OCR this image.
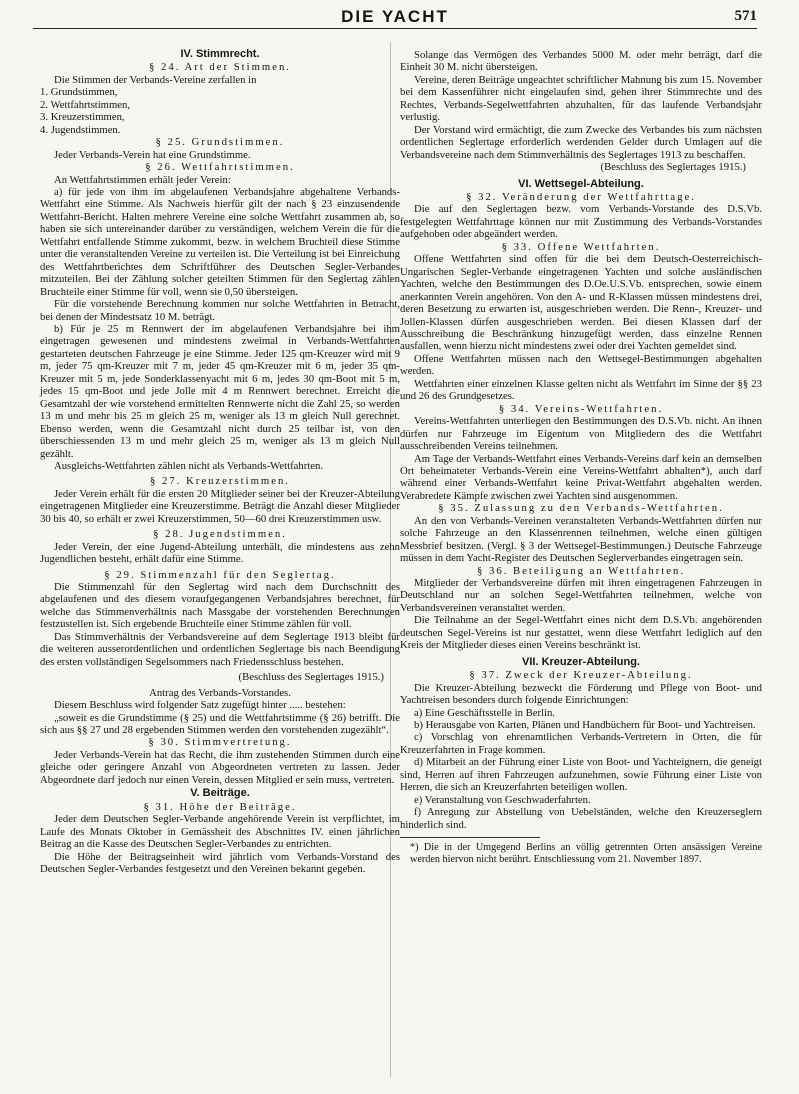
DIE YACHT	571
IV. Stimmrecht.
§ 24. Art der Stimmen.

Die Stimmen der Verbands-Vereine zerfallen in

1. Grundstimmen,

2. Wettfahrtstimmen,

3. Kreuzerstimmen,

4. Jugendstimmen.

§ 25. Grundstimmen.

Jeder Verbands-Verein hat eine Grundstimme.

§ 26. Wettfahrtstimmen.

An Wettfahrtstimmen erhält jeder Verein:

a) für jede von ihm im abgelaufenen Verbandsjahre abgehaltene Verbands-Wettfahrt eine Stimme. Als Nachweis hierfür gilt der nach § 23 einzusendende Wettfahrt-Bericht. Halten mehrere Vereine eine solche Wettfahrt zusammen ab, so haben sie sich untereinander darüber zu verständigen, welchem Verein die für die Wettfahrt entfallende Stimme zukommt, bezw. in welchem Bruchteil diese Stimme unter die veranstaltenden Vereine zu verteilen ist. Die Verteilung ist bei Einreichung des Wettfahrtberichtes dem Schriftführer des Deutschen Segler-Verbandes mitzuteilen. Bei der Zählung solcher geteilten Stimmen für den Seglertag zählen Bruchteile einer Stimme für voll, wenn sie 0,50 übersteigen.

Für die vorstehende Berechnung kommen nur solche Wettfahrten in Betracht, bei denen der Mindestsatz 10 M. beträgt.

b) Für je 25 m Rennwert der im abgelaufenen Verbandsjahre bei ihm eingetragen gewesenen und mindestens zweimal in Verbands-Wettfahrten gestarteten deutschen Fahrzeuge je eine Stimme. Jeder 125 qm-Kreuzer wird mit 9 m, jeder 75 qm-Kreuzer mit 7 m, jeder 45 qm-Kreuzer mit 6 m, jeder 35 qm-Kreuzer mit 5 m, jede Sonderklassenyacht mit 6 m, jedes 30 qm-Boot mit 5 m, jedes 15 qm-Boot und jede Jolle mit 4 m Rennwert berechnet. Erreicht die Gesamtzahl der wie vorstehend ermittelten Rennwerte nicht die Zahl 25, so werden 13 m und mehr bis 25 m gleich 25 m, weniger als 13 m gleich Null gerechnet. Ebenso werden, wenn die Gesamtzahl nicht durch 25 teilbar ist, von den überschiessenden 13 m und mehr gleich 25 m, weniger als 13 m gleich Null gezählt.

Ausgleichs-Wettfahrten zählen nicht als Verbands-Wettfahrten.

§ 27. Kreuzerstimmen.

Jeder Verein erhält für die ersten 20 Mitglieder seiner bei der Kreuzer-Abteilung eingetragenen Mitglieder eine Kreuzerstimme. Beträgt die Anzahl dieser Mitglieder 30 bis 40, so erhält er zwei Kreuzerstimmen, 50—60 drei Kreuzerstimmen usw.

§ 28. Jugendstimmen.

Jeder Verein, der eine Jugend-Abteilung unterhält, die mindestens aus zehn Jugendlichen besteht, erhält dafür eine Stimme.

§ 29. Stimmenzahl für den Seglertag.

Die Stimmenzahl für den Seglertag wird nach dem Durchschnitt des abgelaufenen und des diesem voraufgegangenen Verbandsjahres berechnet, für welche das Stimmenverhältnis nach Massgabe der vorstehenden Berechnungen festzustellen ist. Sich ergebende Bruchteile einer Stimme zählen für voll.

Das Stimmverhältnis der Verbandsvereine auf dem Seglertage 1913 bleibt für die weiteren ausserordentlichen und ordentlichen Seglertage bis nach Beendigung des ersten vollständigen Segelsommers nach Friedensschluss bestehen.

(Beschluss des Seglertages 1915.)

Antrag des Verbands-Vorstandes.

Diesem Beschluss wird folgender Satz zugefügt hinter ..... bestehen:

„soweit es die Grundstimme (§ 25) und die Wettfahrtstimme (§ 26) betrifft. Die sich aus §§ 27 und 28 ergebenden Stimmen werden den vorstehenden zugezählt“.

§ 30. Stimmvertretung.

Jeder Verbands-Verein hat das Recht, die ihm zustehenden Stimmen durch eine gleiche oder geringere Anzahl von Abgeordneten vertreten zu lassen. Jeder Abgeordnete darf jedoch nur einen Verein, dessen Mitglied er sein muss, vertreten.

V. Beiträge.
§ 31. Höhe der Beiträge.

Jeder dem Deutschen Segler-Verbande angehörende Verein ist verpflichtet, im Laufe des Monats Oktober in Gemässheit des Abschnittes IV. einen jährlichen Beitrag an die Kasse des Deutschen Segler-Verbandes zu entrichten.

Die Höhe der Beitragseinheit wird jährlich vom Verbands-Vorstand des Deutschen Segler-Verbandes festgesetzt und den Vereinen bekannt gegeben.

Solange das Vermögen des Verbandes 5000 M. oder mehr beträgt, darf die Einheit 30 M. nicht übersteigen.

Vereine, deren Beiträge ungeachtet schriftlicher Mahnung bis zum 15. November bei dem Kassenführer nicht eingelaufen sind, gehen ihrer Stimmrechte und des Rechtes, Verbands-Segelwettfahrten abzuhalten, für das laufende Verbandsjahr verlustig.

Der Vorstand wird ermächtigt, die zum Zwecke des Verbandes bis zum nächsten ordentlichen Seglertage erforderlich werdenden Gelder durch Umlagen auf die Verbandsvereine nach dem Stimmverhältnis des Seglertages 1913 zu beschaffen.

(Beschluss des Seglertages 1915.)

VI. Wettsegel-Abteilung.
§ 32. Veränderung der Wettfahrttage.

Die auf den Seglertagen bezw. vom Verbands-Vorstande des D.S.Vb. festgelegten Wettfahrttage können nur mit Zustimmung des Verbands-Vorstandes aufgehoben oder abgeändert werden.

§ 33. Offene Wettfahrten.

Offene Wettfahrten sind offen für die bei dem Deutsch-Oesterreichisch-Ungarischen Segler-Verbande eingetragenen Yachten und solche ausländischen Yachten, welche den Bestimmungen des D.Oe.U.S.Vb. entsprechen, sowie einem anerkannten Verein angehören. Von den A- und R-Klassen müssen mindestens drei, deren Besetzung zu erwarten ist, ausgeschrieben werden. Die Renn-, Kreuzer- und Jollen-Klassen dürfen ausgeschrieben werden. Bei diesen Klassen darf der Ausschreibung die Beschränkung hinzugefügt werden, dass einzelne Rennen ausfallen, wenn hierzu nicht mindestens zwei oder drei Yachten gemeldet sind.

Offene Wettfahrten müssen nach den Wettsegel-Bestimmungen abgehalten werden.

Wettfahrten einer einzelnen Klasse gelten nicht als Wettfahrt im Sinne der §§ 23 und 26 des Grundgesetzes.

§ 34. Vereins-Wettfahrten.

Vereins-Wettfahrten unterliegen den Bestimmungen des D.S.Vb. nicht. An ihnen dürfen nur Fahrzeuge im Eigentum von Mitgliedern des die Wettfahrt ausschreibenden Vereins teilnehmen.

Am Tage der Verbands-Wettfahrt eines Verbands-Vereins darf kein an demselben Ort beheimateter Verbands-Verein eine Vereins-Wettfahrt abhalten*), auch darf während einer Verbands-Wettfahrt keine Privat-Wettfahrt abgehalten werden. Verabredete Kämpfe zwischen zwei Yachten sind ausgenommen.

§ 35. Zulassung zu den Verbands-Wettfahrten.

An den von Verbands-Vereinen veranstalteten Verbands-Wettfahrten dürfen nur solche Fahrzeuge an den Klassenrennen teilnehmen, welche einen gültigen Messbrief besitzen. (Vergl. § 3 der Wettsegel-Bestimmungen.) Deutsche Fahrzeuge müssen in dem Yacht-Register des Deutschen Seglerverbandes eingetragen sein.

§ 36. Beteiligung an Wettfahrten.

Mitglieder der Verbandsvereine dürfen mit ihren eingetragenen Fahrzeugen in Deutschland nur an solchen Segel-Wettfahrten teilnehmen, welche von Verbandsvereinen veranstaltet werden.

Die Teilnahme an der Segel-Wettfahrt eines nicht dem D.S.Vb. angehörenden deutschen Segel-Vereins ist nur gestattet, wenn diese Wettfahrt lediglich auf den Kreis der Mitglieder dieses einen Vereins beschränkt ist.

VII. Kreuzer-Abteilung.
§ 37. Zweck der Kreuzer-Abteilung.

Die Kreuzer-Abteilung bezweckt die Förderung und Pflege von Boot- und Yachtreisen besonders durch folgende Einrichtungen:

a) Eine Geschäftsstelle in Berlin.

b) Herausgabe von Karten, Plänen und Handbüchern für Boot- und Yachtreisen.

c) Vorschlag von ehrenamtlichen Verbands-Vertretern in Orten, die für Kreuzerfahrten in Frage kommen.

d) Mitarbeit an der Führung einer Liste von Boot- und Yachteignern, die geneigt sind, Herren auf ihren Fahrzeugen aufzunehmen, sowie Führung einer Liste von Herren, die sich an Kreuzerfahrten beteiligen wollen.

e) Veranstaltung von Geschwaderfahrten.

f) Anregung zur Abstellung von Uebelständen, welche den Kreuzerseglern hinderlich sind.

*) Die in der Umgegend Berlins an völlig getrennten Orten ansässigen Vereine werden hiervon nicht berührt. Entschliessung vom 21. November 1897.
